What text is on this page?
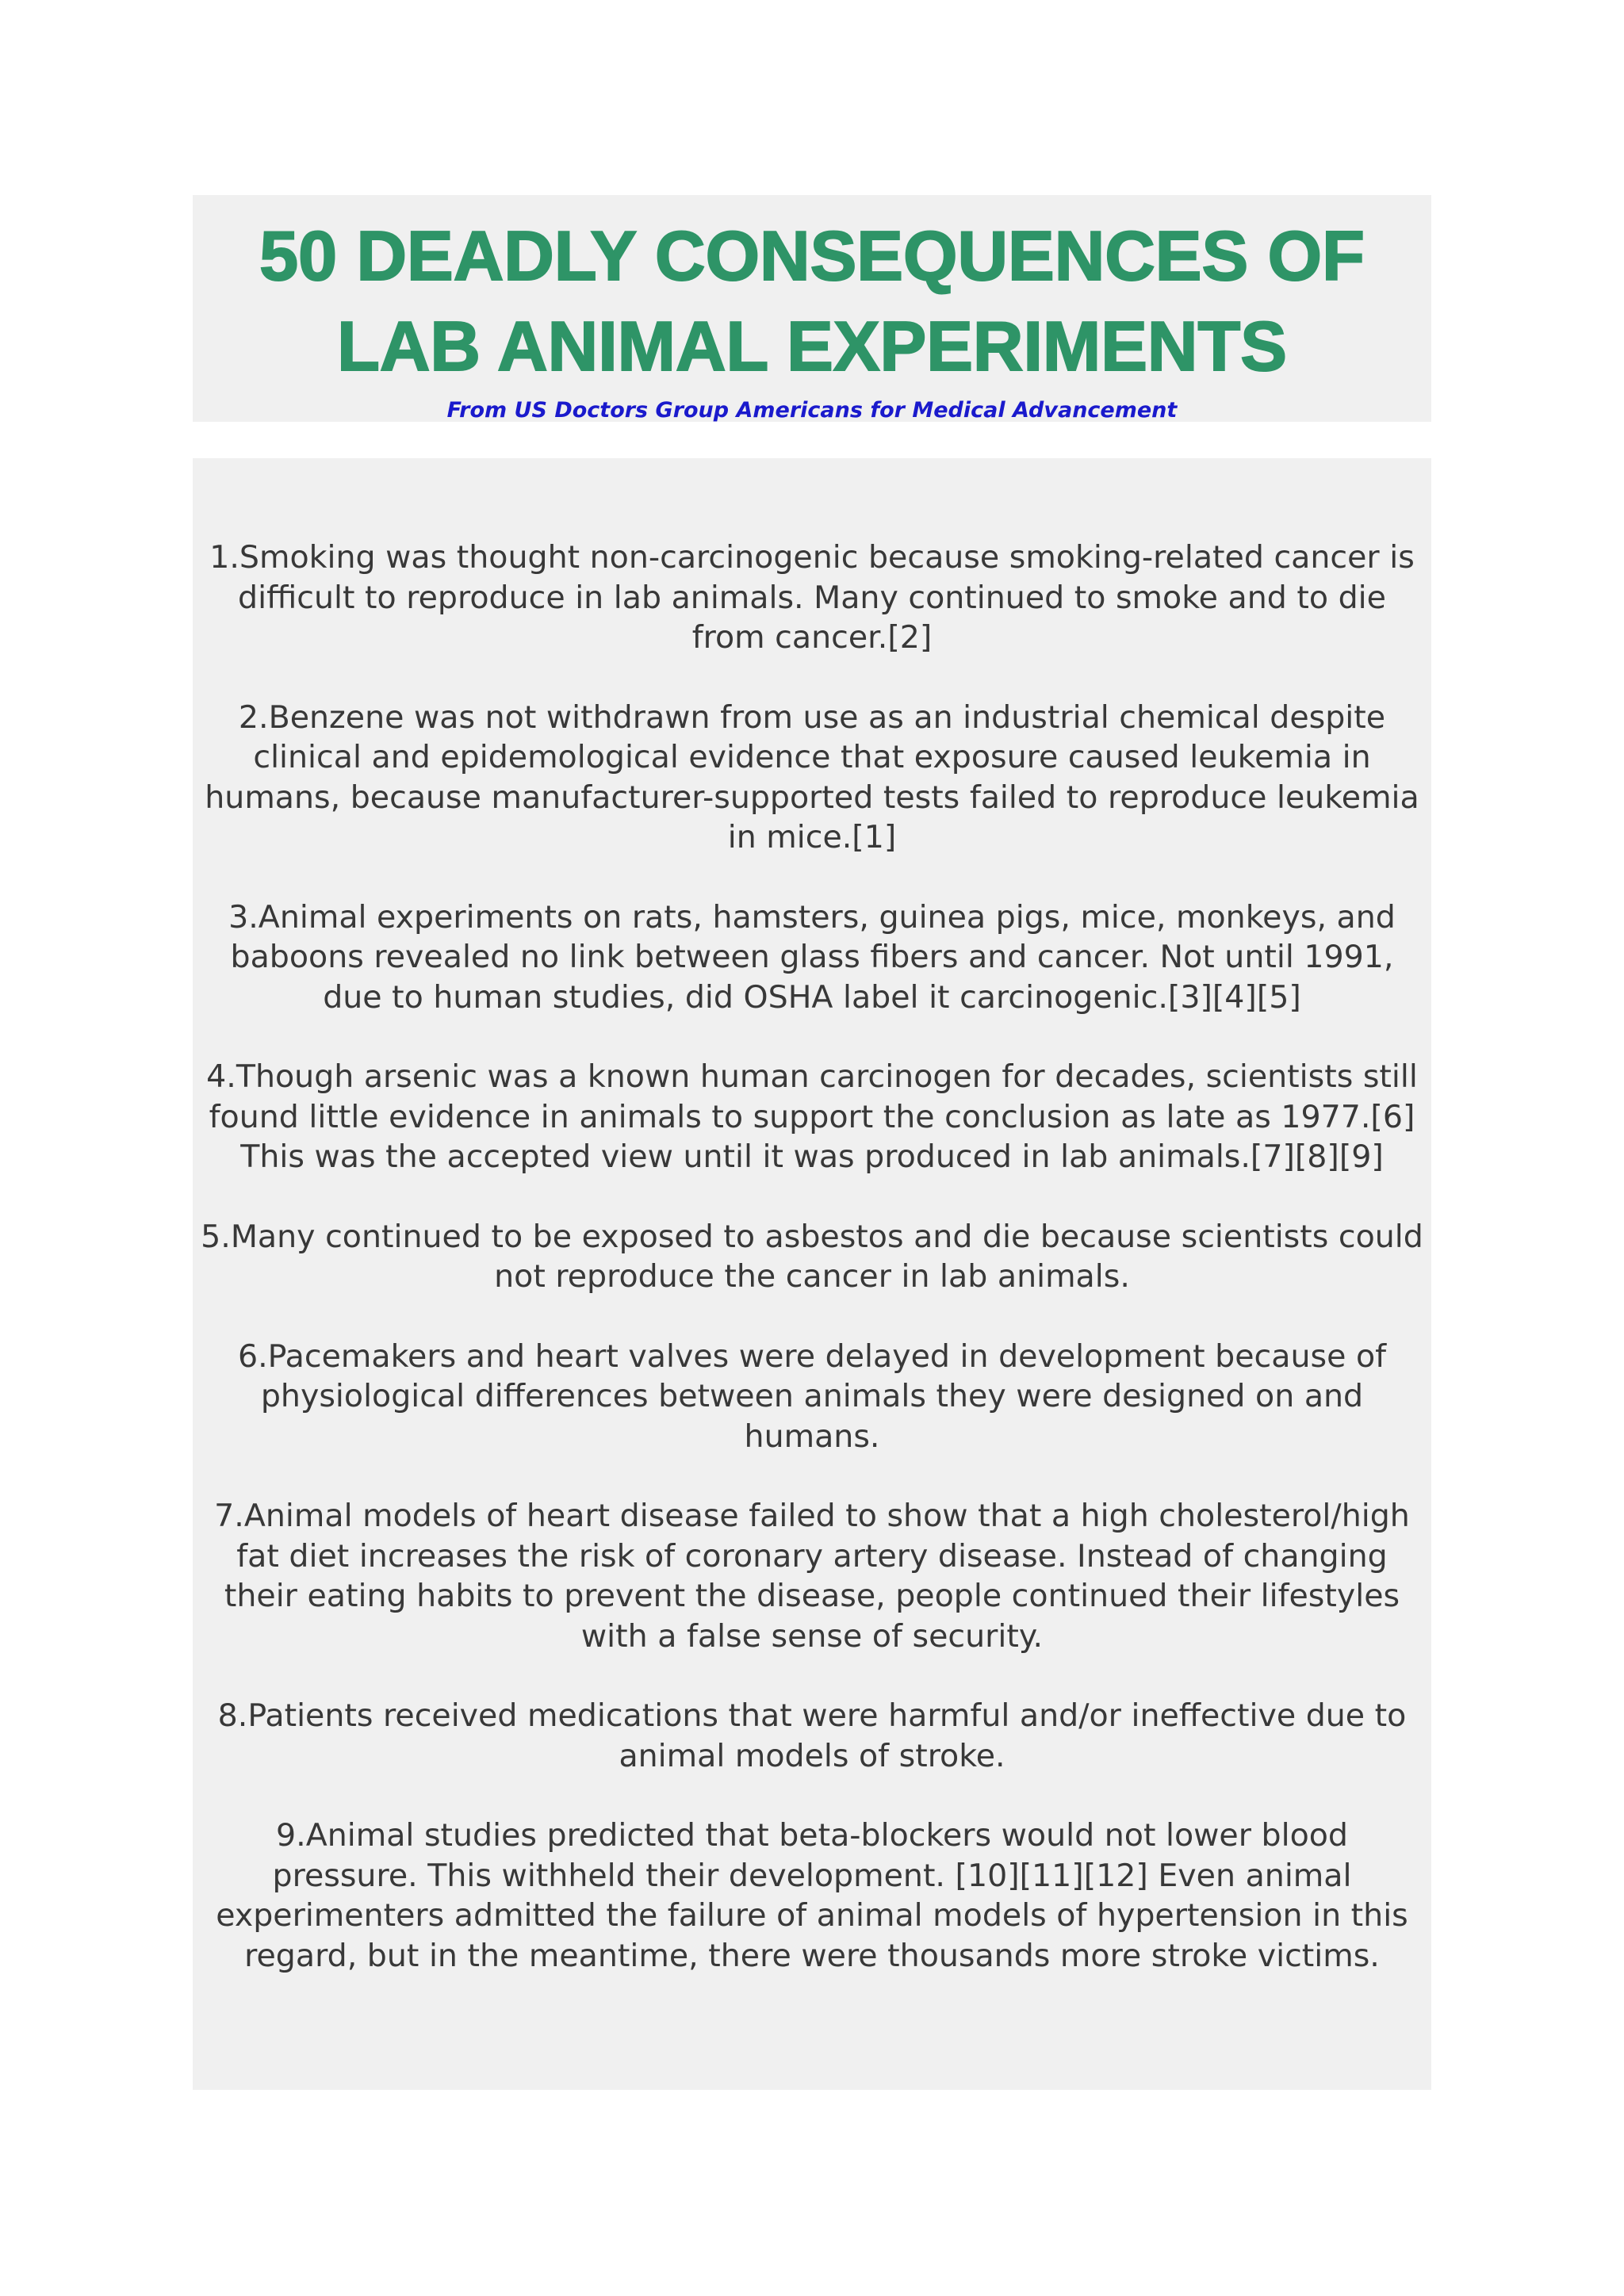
50 DEADLY CONSEQUENCES OF
LAB ANIMAL EXPERIMENTS

From US Doctors Group Americans for Medical Advancement

1.Smoking was thought non-carcinogenic because smoking-related cancer is difficult to reproduce in lab animals. Many continued to smoke and to die from cancer.[2]

2.Benzene was not withdrawn from use as an industrial chemical despite clinical and epidemological evidence that exposure caused leukemia in humans, because manufacturer-supported tests failed to reproduce leukemia in mice.[1]

3.Animal experiments on rats, hamsters, guinea pigs, mice, monkeys, and baboons revealed no link between glass fibers and cancer. Not until 1991, due to human studies, did OSHA label it carcinogenic.[3][4][5]

4.Though arsenic was a known human carcinogen for decades, scientists still found little evidence in animals to support the conclusion as late as 1977.[6] This was the accepted view until it was produced in lab animals.[7][8][9]

5.Many continued to be exposed to asbestos and die because scientists could not reproduce the cancer in lab animals.

6.Pacemakers and heart valves were delayed in development because of physiological differences between animals they were designed on and humans.

7.Animal models of heart disease failed to show that a high cholesterol/high fat diet increases the risk of coronary artery disease. Instead of changing their eating habits to prevent the disease, people continued their lifestyles with a false sense of security.

8.Patients received medications that were harmful and/or ineffective due to animal models of stroke.

9.Animal studies predicted that beta-blockers would not lower blood pressure. This withheld their development. [10][11][12] Even animal experimenters admitted the failure of animal models of hypertension in this regard, but in the meantime, there were thousands more stroke victims.
